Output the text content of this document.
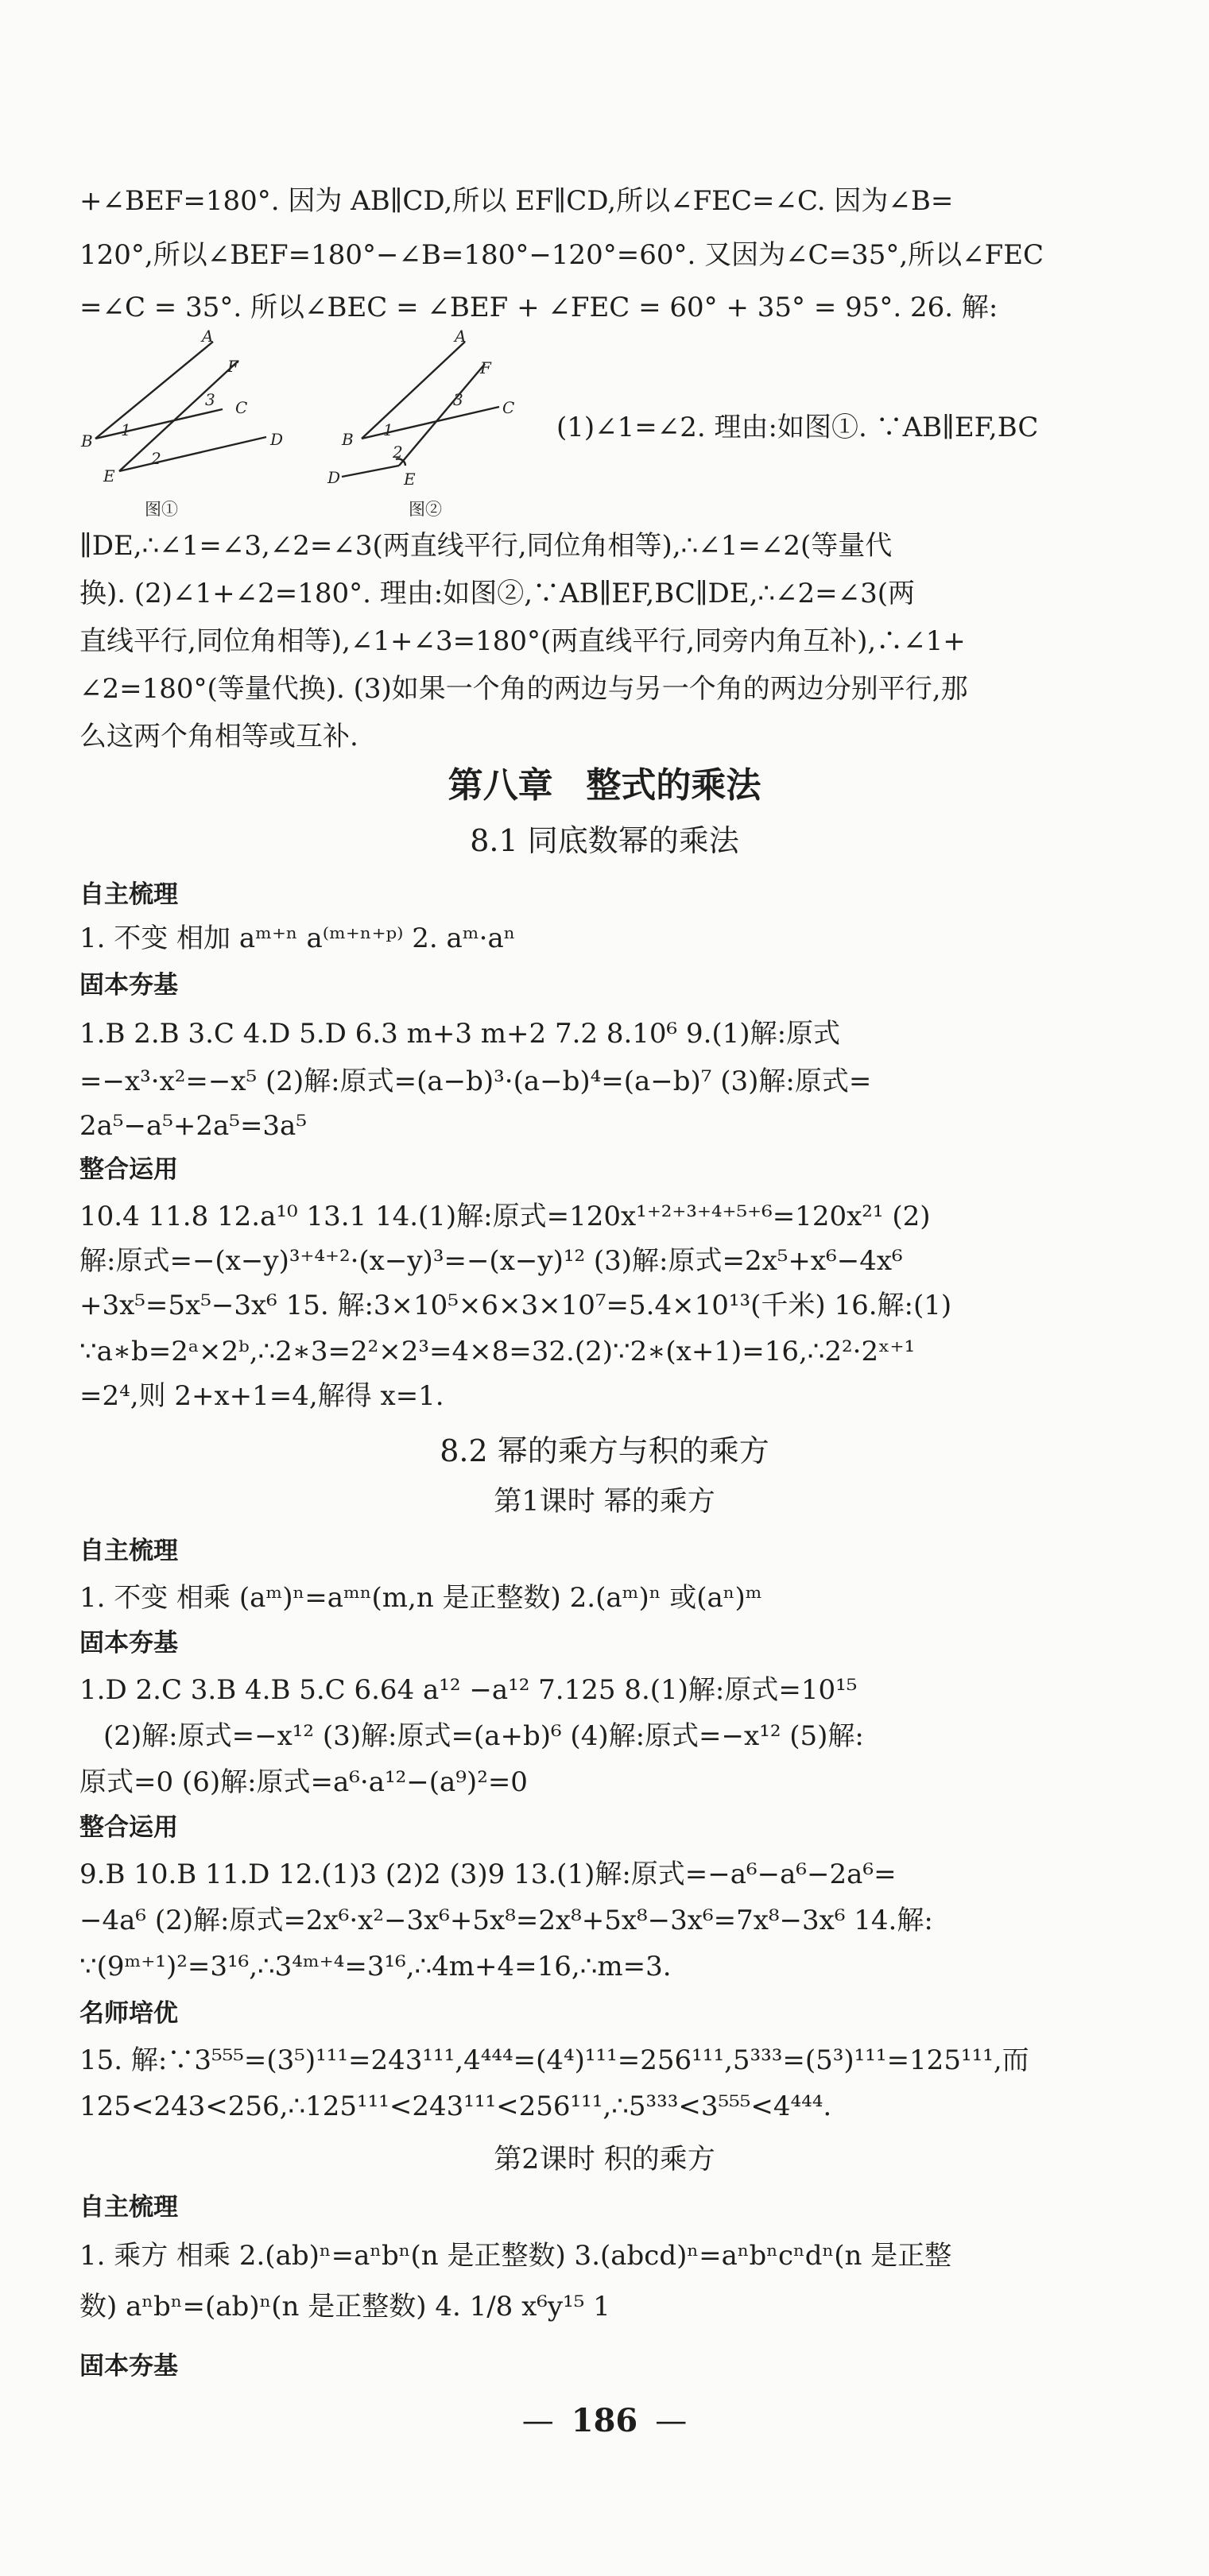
+∠BEF=180°. 因为 AB∥CD,所以 EF∥CD,所以∠FEC=∠C. 因为∠B=
120°,所以∠BEF=180°−∠B=180°−120°=60°. 又因为∠C=35°,所以∠FEC
=∠C = 35°. 所以∠BEC = ∠BEF + ∠FEC = 60° + 35° = 95°. 26. 解:
A
F
C
B	D
E
1
2
3
图①
A
F
C
B
D	E
1
2
3
图②
(1)∠1=∠2. 理由:如图①. ∵AB∥EF,BC
∥DE,∴∠1=∠3,∠2=∠3(两直线平行,同位角相等),∴∠1=∠2(等量代
换). (2)∠1+∠2=180°. 理由:如图②,∵AB∥EF,BC∥DE,∴∠2=∠3(两
直线平行,同位角相等),∠1+∠3=180°(两直线平行,同旁内角互补),∴∠1+
∠2=180°(等量代换). (3)如果一个角的两边与另一个角的两边分别平行,那
么这两个角相等或互补.
第八章 整式的乘法
8.1 同底数幂的乘法
自主梳理
1. 不变 相加 aᵐ⁺ⁿ a⁽ᵐ⁺ⁿ⁺ᵖ⁾ 2. aᵐ·aⁿ
固本夯基
1.B 2.B 3.C 4.D 5.D 6.3 m+3 m+2 7.2 8.10⁶ 9.(1)解:原式
=−x³·x²=−x⁵ (2)解:原式=(a−b)³·(a−b)⁴=(a−b)⁷ (3)解:原式=
2a⁵−a⁵+2a⁵=3a⁵
整合运用
10.4 11.8 12.a¹⁰ 13.1 14.(1)解:原式=120x¹⁺²⁺³⁺⁴⁺⁵⁺⁶=120x²¹ (2)
解:原式=−(x−y)³⁺⁴⁺²·(x−y)³=−(x−y)¹² (3)解:原式=2x⁵+x⁶−4x⁶
+3x⁵=5x⁵−3x⁶ 15. 解:3×10⁵×6×3×10⁷=5.4×10¹³(千米) 16.解:(1)
∵a∗b=2ᵃ×2ᵇ,∴2∗3=2²×2³=4×8=32.(2)∵2∗(x+1)=16,∴2²·2ˣ⁺¹
=2⁴,则 2+x+1=4,解得 x=1.
8.2 幂的乘方与积的乘方
第1课时 幂的乘方
自主梳理
1. 不变 相乘 (aᵐ)ⁿ=aᵐⁿ(m,n 是正整数) 2.(aᵐ)ⁿ 或(aⁿ)ᵐ
固本夯基
1.D 2.C 3.B 4.B 5.C 6.64 a¹² −a¹² 7.125 8.(1)解:原式=10¹⁵
(2)解:原式=−x¹² (3)解:原式=(a+b)⁶ (4)解:原式=−x¹² (5)解:
原式=0 (6)解:原式=a⁶·a¹²−(a⁹)²=0
整合运用
9.B 10.B 11.D 12.(1)3 (2)2 (3)9 13.(1)解:原式=−a⁶−a⁶−2a⁶=
−4a⁶ (2)解:原式=2x⁶·x²−3x⁶+5x⁸=2x⁸+5x⁸−3x⁶=7x⁸−3x⁶ 14.解:
∵(9ᵐ⁺¹)²=3¹⁶,∴3⁴ᵐ⁺⁴=3¹⁶,∴4m+4=16,∴m=3.
名师培优
15. 解:∵3⁵⁵⁵=(3⁵)¹¹¹=243¹¹¹,4⁴⁴⁴=(4⁴)¹¹¹=256¹¹¹,5³³³=(5³)¹¹¹=125¹¹¹,而
125<243<256,∴125¹¹¹<243¹¹¹<256¹¹¹,∴5³³³<3⁵⁵⁵<4⁴⁴⁴.
第2课时 积的乘方
自主梳理
1. 乘方 相乘 2.(ab)ⁿ=aⁿbⁿ(n 是正整数) 3.(abcd)ⁿ=aⁿbⁿcⁿdⁿ(n 是正整
数) aⁿbⁿ=(ab)ⁿ(n 是正整数) 4. 1/8 x⁶y¹⁵ 1
固本夯基
— 186 —
